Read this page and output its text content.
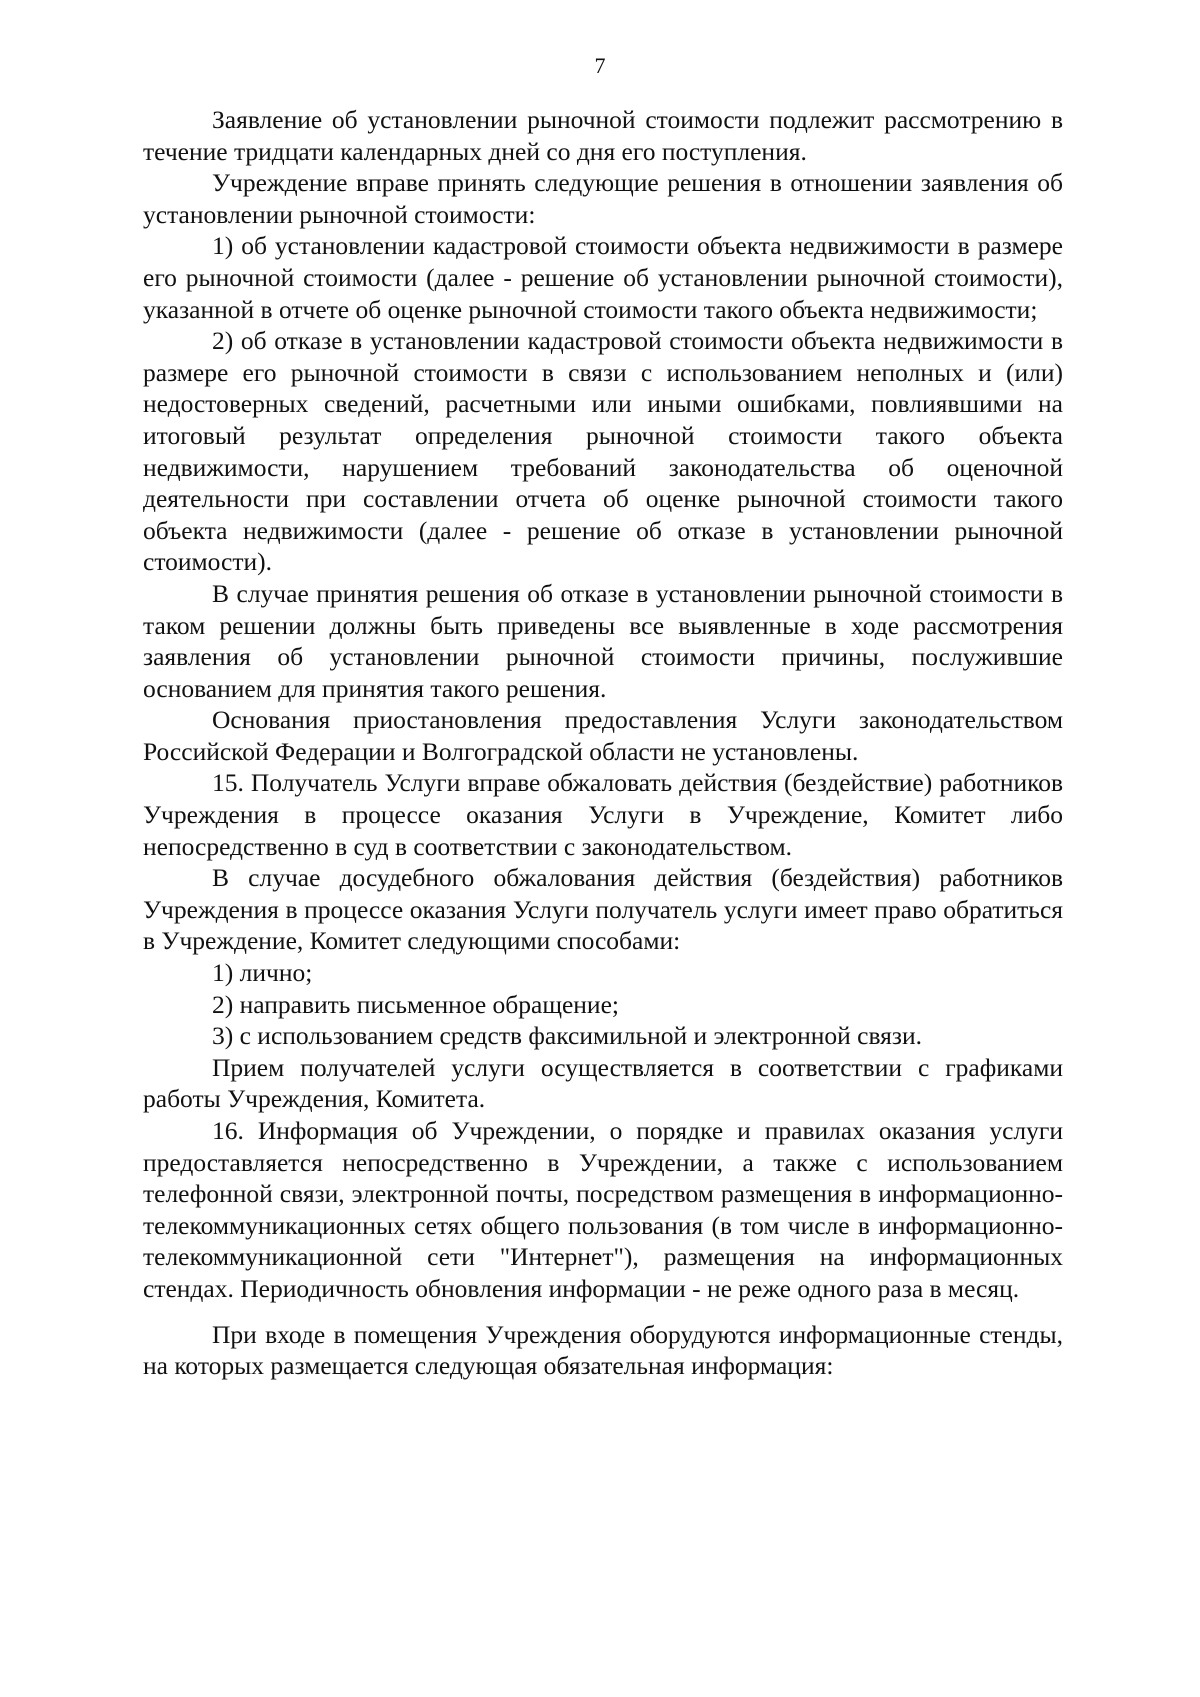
7

Заявление об установлении рыночной стоимости подлежит рассмотрению в течение тридцати календарных дней со дня его поступления.

Учреждение вправе принять следующие решения в отношении заявления об установлении рыночной стоимости:

1) об установлении кадастровой стоимости объекта недвижимости в размере его рыночной стоимости (далее - решение об установлении рыночной стоимости), указанной в отчете об оценке рыночной стоимости такого объекта недвижимости;

2) об отказе в установлении кадастровой стоимости объекта недвижимости в размере его рыночной стоимости в связи с использованием неполных и (или) недостоверных сведений, расчетными или иными ошибками, повлиявшими на итоговый результат определения рыночной стоимости такого объекта недвижимости, нарушением требований законодательства об оценочной деятельности при составлении отчета об оценке рыночной стоимости такого объекта недвижимости (далее - решение об отказе в установлении рыночной стоимости).

В случае принятия решения об отказе в установлении рыночной стоимости в таком решении должны быть приведены все выявленные в ходе рассмотрения заявления об установлении рыночной стоимости причины, послужившие основанием для принятия такого решения.

Основания приостановления предоставления Услуги законодательством Российской Федерации и Волгоградской области не установлены.

15. Получатель Услуги вправе обжаловать действия (бездействие) работников Учреждения в процессе оказания Услуги в Учреждение, Комитет либо непосредственно в суд в соответствии с законодательством.

В случае досудебного обжалования действия (бездействия) работников Учреждения в процессе оказания Услуги получатель услуги имеет право обратиться в Учреждение, Комитет следующими способами:

1) лично;

2) направить письменное обращение;

3) с использованием средств факсимильной и электронной связи.

Прием получателей услуги осуществляется в соответствии с графиками работы Учреждения, Комитета.

16. Информация об Учреждении, о порядке и правилах оказания услуги предоставляется непосредственно в Учреждении, а также с использованием телефонной связи, электронной почты, посредством размещения в информационно-телекоммуникационных сетях общего пользования (в том числе в информационно-телекоммуникационной сети "Интернет"), размещения на информационных стендах. Периодичность обновления информации - не реже одного раза в месяц.

При входе в помещения Учреждения оборудуются информационные стенды, на которых размещается следующая обязательная информация:
